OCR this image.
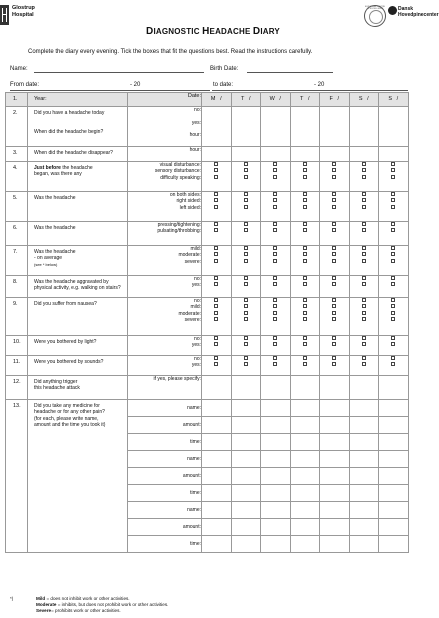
Glostrup Hospital
EUROPEAN CENTRE OF EXCELLENCE	Dansk Hovedpinecenter
DIAGNOSTIC HEADACHE DIARY
Complete the diary every evening. Tick the boxes that fit the questions best. Read the instructions carefully.
Name:	Birth Date:
From date:	- 20	to date:	- 20
1.	Year:	Date:	M /	T /	W /	T /	F /	S /	S /
2.	Did you have a headache today
When did the headache begin?	no:
yes:
hour:							

3.	When did the headache disappear?	hour:							
4.	Just before the headache
began, was there any	visual disturbance:
sensory disturbance:
difficulty speaking:							

5.	Was the headache	on both sides:
right sided:
left sided:							

6.	Was the headache	pressing/tightening:
pulsating/throbbing:							

7.	Was the headache
- on average
(see * below)	mild:
moderate:
severe:							

8.	Was the headache aggravated by
physical activity, e.g. walking on stairs?	no:
yes:							

9.	Did you suffer from nausea?	no:
mild:
moderate:
severe:							

10.	Were you bothered by light?	no:
yes:							

11.	Were you bothered by sounds?	no:
yes:							

12.	Did anything trigger
this headache attack	if yes, please specify:							
13.	Did you take any medicine for
headache or for any other pain?
(for each, please write name,
amount and the time you took it)	name:							
		amount:							
		time:							
		name:							
		amount:							
		time:							
		name:							
		amount:							
		time:							
*)	Mild = does not inhibit work or other activities.
Moderate = inhibits, but does not prohibit work or other activities.
Severe= prohibits work or other activities.
